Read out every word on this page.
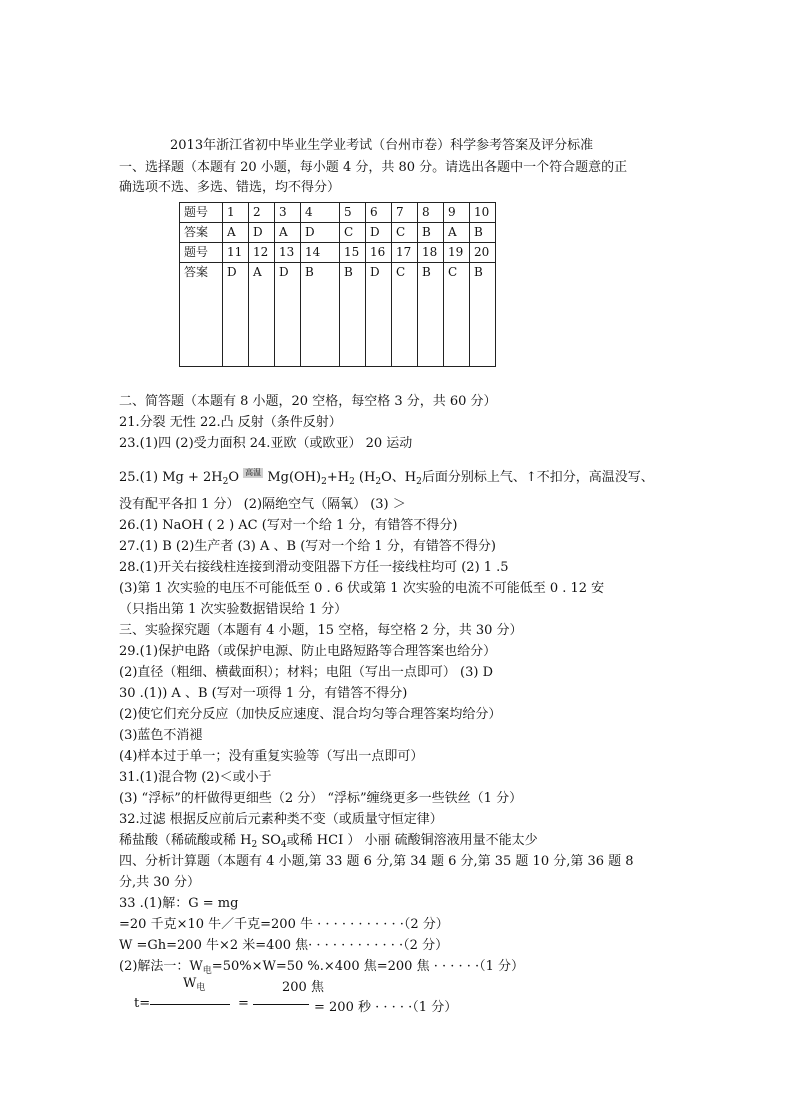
2013年浙江省初中毕业生学业考试（台州市卷）科学参考答案及评分标准
一、选择题（本题有 20 小题，每小题 4 分，共 80 分。请选出各题中一个符合题意的正
确选项不选、多选、错选，均不得分）
题号	1	2	3	4	5	6	7	8	9	10
答案	A	D	A	D	C	D	C	B	A	B
题号	11	12	13	14	15	16	17	18	19	20
答案	D	A	D	B	B	D	C	B	C	B
二、简答题（本题有 8 小题，20 空格，每空格 3 分，共 60 分）
21.分裂 无性 22.凸 反射（条件反射）
23.(1)四 (2)受力面积 24.亚欧（或欧亚） 20 运动
25.(1) $Mg + 2H_2O$ 高温 $Mg(OH)_2+H_2$ ($H_2O$、$H_2$后面分别标上气、↑不扣分，高温没写、
没有配平各扣 1 分） (2)隔绝空气（隔氧） (3) ＞
26.(1) NaOH ( 2 ) AC (写对一个给 1 分，有错答不得分)
27.(1) B (2)生产者 (3) A 、B (写对一个给 1 分，有错答不得分)
28.(1)开关右接线柱连接到滑动变阻器下方任一接线柱均可 (2) 1 .5
(3)第 1 次实验的电压不可能低至 0 . 6 伏或第 1 次实验的电流不可能低至 0 . 12 安
（只指出第 1 次实验数据错误给 1 分）
三、实验探究题（本题有 4 小题，15 空格，每空格 2 分，共 30 分）
29.(1)保护电路（或保护电源、防止电路短路等合理答案也给分）
(2)直径（粗细、横截面积）；材料；电阻（写出一点即可） (3) D
30 .(1)) A 、B (写对一项得 1 分，有错答不得分)
(2)使它们充分反应（加快反应速度、混合均匀等合理答案均给分）
(3)蓝色不消褪
(4)样本过于单一；没有重复实验等（写出一点即可）
31.(1)混合物 (2)＜或小于
(3) “浮标”的杆做得更细些（2 分） “浮标”缠绕更多一些铁丝（1 分）
32.过滤 根据反应前后元素种类不变（或质量守恒定律）
稀盐酸（稀硫酸或稀 $H_2$ $SO_4$或稀 HCI ） 小丽 硫酸铜溶液用量不能太少
四、分析计算题（本题有 4 小题,第 33 题 6 分,第 34 题 6 分,第 35 题 10 分,第 36 题 8
分,共 30 分）
33 .(1)解：G = mg
=20 千克×10 牛／千克=200 牛 · · · · · · · · · · ·（2 分）
W =Gh=200 牛×2 米=400 焦· · · · · · · · · · · ·（2 分）
(2)解法一：$W_电=50\%\times W=50$ %.×400 焦=200 焦 · · · · · ·（1 分）
$W_电$	200 焦
t=	=	= 200 秒 · · · · ·（1 分）
